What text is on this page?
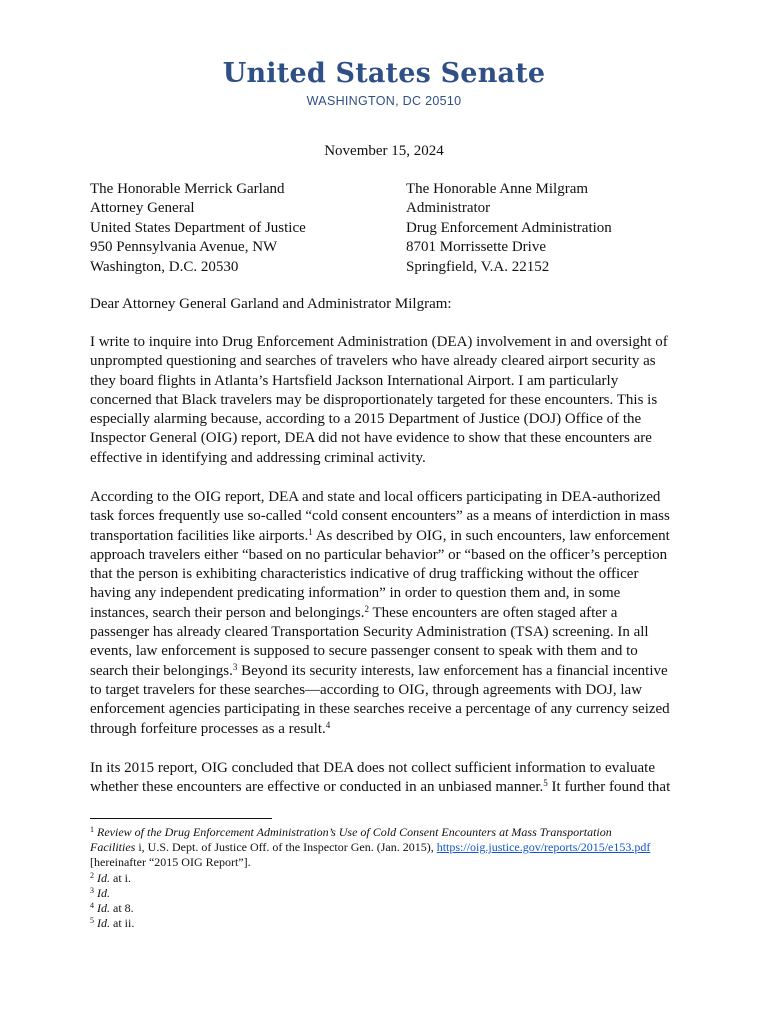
United States Senate
WASHINGTON, DC 20510
November 15, 2024
The Honorable Merrick Garland
Attorney General
United States Department of Justice
950 Pennsylvania Avenue, NW
Washington, D.C. 20530
The Honorable Anne Milgram
Administrator
Drug Enforcement Administration
8701 Morrissette Drive
Springfield, V.A. 22152
Dear Attorney General Garland and Administrator Milgram:
I write to inquire into Drug Enforcement Administration (DEA) involvement in and oversight of
unprompted questioning and searches of travelers who have already cleared airport security as
they board flights in Atlanta’s Hartsfield Jackson International Airport. I am particularly
concerned that Black travelers may be disproportionately targeted for these encounters. This is
especially alarming because, according to a 2015 Department of Justice (DOJ) Office of the
Inspector General (OIG) report, DEA did not have evidence to show that these encounters are
effective in identifying and addressing criminal activity.
According to the OIG report, DEA and state and local officers participating in DEA-authorized
task forces frequently use so-called “cold consent encounters” as a means of interdiction in mass
transportation facilities like airports.$^1$ As described by OIG, in such encounters, law enforcement
approach travelers either “based on no particular behavior” or “based on the officer’s perception
that the person is exhibiting characteristics indicative of drug trafficking without the officer
having any independent predicating information” in order to question them and, in some
instances, search their person and belongings.$^2$ These encounters are often staged after a
passenger has already cleared Transportation Security Administration (TSA) screening. In all
events, law enforcement is supposed to secure passenger consent to speak with them and to
search their belongings.$^3$ Beyond its security interests, law enforcement has a financial incentive
to target travelers for these searches—according to OIG, through agreements with DOJ, law
enforcement agencies participating in these searches receive a percentage of any currency seized
through forfeiture processes as a result.$^4$
In its 2015 report, OIG concluded that DEA does not collect sufficient information to evaluate
whether these encounters are effective or conducted in an unbiased manner.$^5$ It further found that
$^1$ Review of the Drug Enforcement Administration’s Use of Cold Consent Encounters at Mass Transportation
Facilities i, U.S. Dept. of Justice Off. of the Inspector Gen. (Jan. 2015), https://oig.justice.gov/reports/2015/e153.pdf
[hereinafter “2015 OIG Report”].
$^2$ Id. at i.
$^3$ Id.
$^4$ Id. at 8.
$^5$ Id. at ii.
